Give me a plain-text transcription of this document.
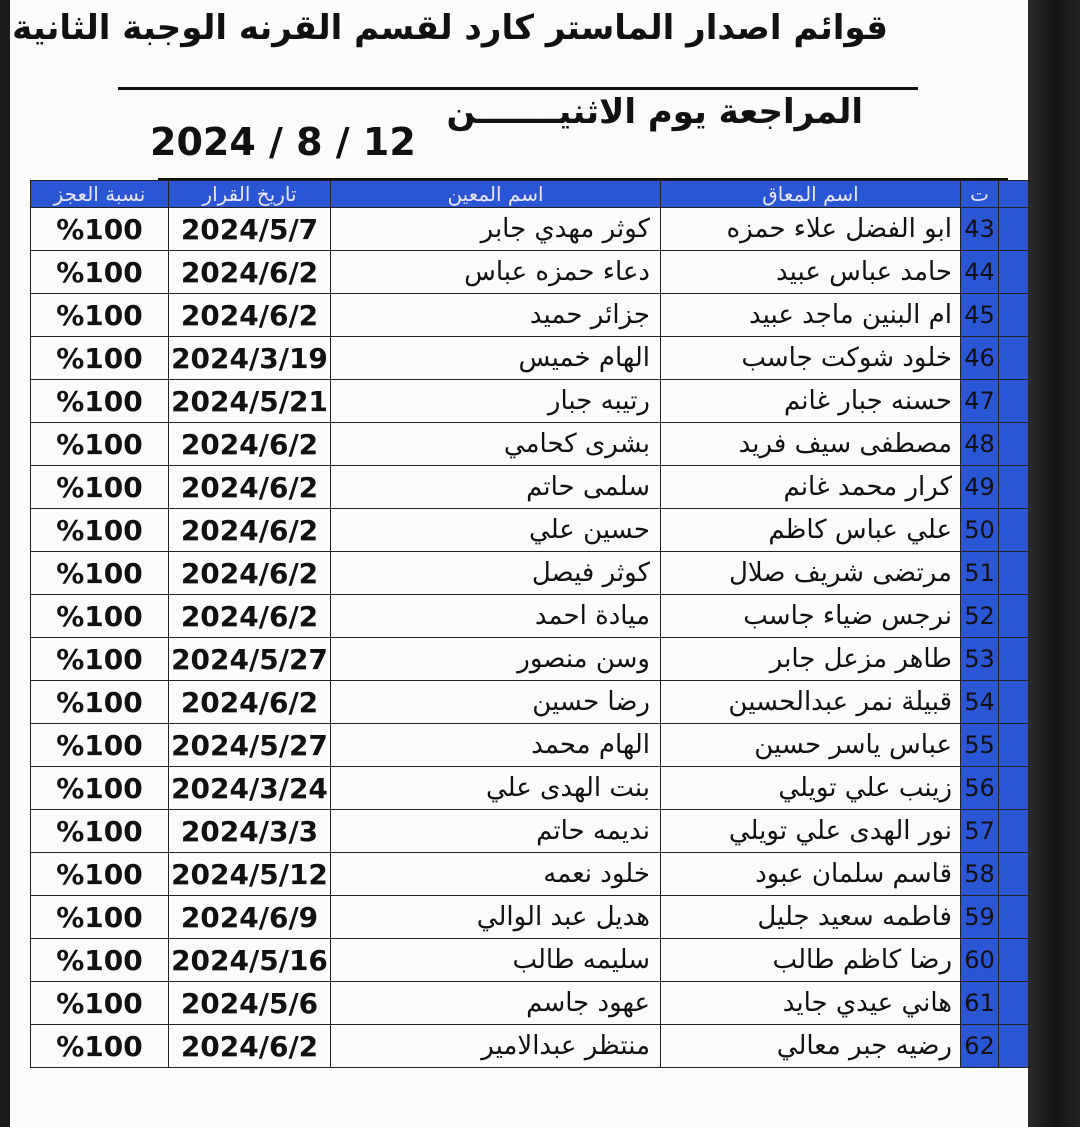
قوائم اصدار الماستر كارد لقسم القرنه الوجبة الثانية
المراجعة يوم الاثنيـــــــن
2024 / 8 / 12
نسبة العجز	تاريخ القرار	اسم المعين	اسم المعاق	ت	
%100	2024/5/7	كوثر مهدي جابر	ابو الفضل علاء حمزه	43	
%100	2024/6/2	دعاء حمزه عباس	حامد عباس عبيد	44	
%100	2024/6/2	جزائر حميد	ام البنين ماجد عبيد	45	
%100	2024/3/19	الهام خميس	خلود شوكت جاسب	46	
%100	2024/5/21	رتيبه جبار	حسنه جبار غانم	47	
%100	2024/6/2	بشرى كحامي	مصطفى سيف فريد	48	
%100	2024/6/2	سلمى حاتم	كرار محمد غانم	49	
%100	2024/6/2	حسين علي	علي عباس كاظم	50	
%100	2024/6/2	كوثر فيصل	مرتضى شريف صلال	51	
%100	2024/6/2	ميادة احمد	نرجس ضياء جاسب	52	
%100	2024/5/27	وسن منصور	طاهر مزعل جابر	53	
%100	2024/6/2	رضا حسين	قبيلة نمر عبدالحسين	54	
%100	2024/5/27	الهام محمد	عباس ياسر حسين	55	
%100	2024/3/24	بنت الهدى علي	زينب علي تويلي	56	
%100	2024/3/3	نديمه حاتم	نور الهدى علي تويلي	57	
%100	2024/5/12	خلود نعمه	قاسم سلمان عبود	58	
%100	2024/6/9	هديل عبد الوالي	فاطمه سعيد جليل	59	
%100	2024/5/16	سليمه طالب	رضا كاظم طالب	60	
%100	2024/5/6	عهود جاسم	هاني عيدي جايد	61	
%100	2024/6/2	منتظر عبدالامير	رضيه جبر معالي	62	
